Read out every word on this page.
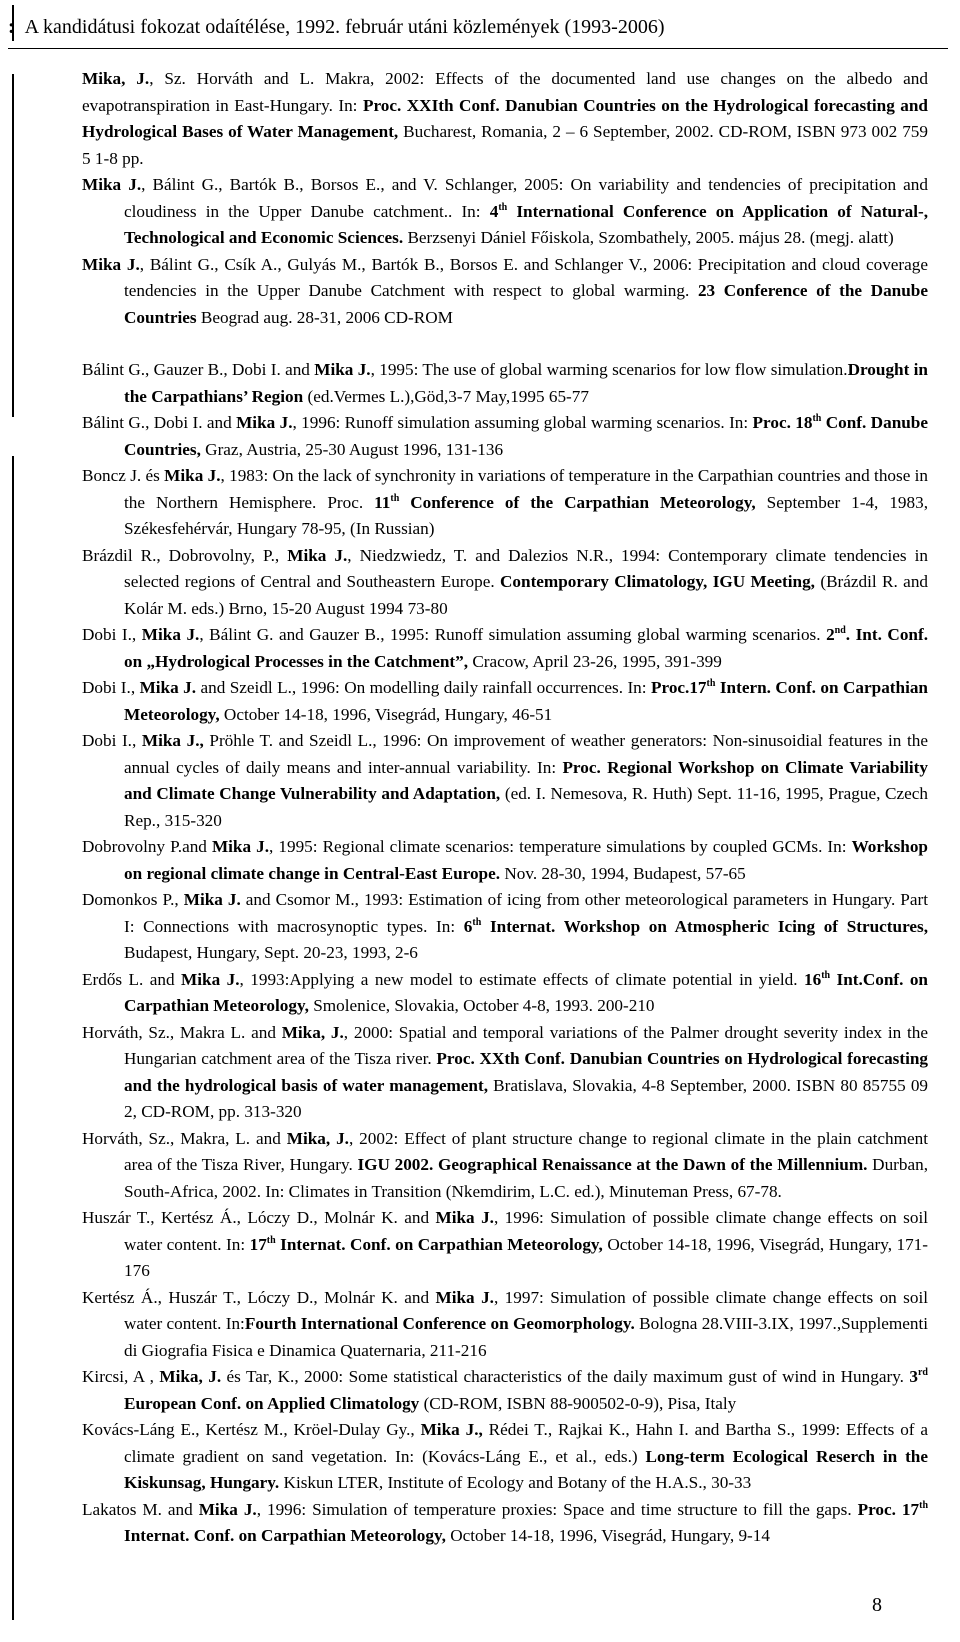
: A kandidátusi fokozat odaítélése, 1992. február utáni közlemények (1993-2006)

Mika, J., Sz. Horváth and L. Makra, 2002: Effects of the documented land use changes on the albedo and evapotranspiration in East-Hungary. In: Proc. XXIth Conf. Danubian Countries on the Hydrological forecasting and Hydrological Bases of Water Management, Bucharest, Romania, 2 – 6 September, 2002. CD-ROM, ISBN 973 002 759 5 1-8 pp.

Mika J., Bálint G., Bartók B., Borsos E., and V. Schlanger, 2005: On variability and tendencies of precipitation and cloudiness in the Upper Danube catchment.. In: 4th International Conference on Application of Natural-, Technological and Economic Sciences. Berzsenyi Dániel Főiskola, Szombathely, 2005. május 28. (megj. alatt)

Mika J., Bálint G., Csík A., Gulyás M., Bartók B., Borsos E. and Schlanger V., 2006: Precipitation and cloud coverage tendencies in the Upper Danube Catchment with respect to global warming. 23 Conference of the Danube Countries Beograd aug. 28-31, 2006 CD-ROM

Bálint G., Gauzer B., Dobi I. and Mika J., 1995: The use of global warming scenarios for low flow simulation.Drought in the Carpathians’ Region (ed.Vermes L.),Göd,3-7 May,1995 65-77

Bálint G., Dobi I. and Mika J., 1996: Runoff simulation assuming global warming scenarios. In: Proc. 18th Conf. Danube Countries, Graz, Austria, 25-30 August 1996, 131-136

Boncz J. és Mika J., 1983: On the lack of synchronity in variations of temperature in the Carpathian countries and those in the Northern Hemisphere. Proc. 11th Conference of the Carpathian Meteorology, September 1-4, 1983, Székesfehérvár, Hungary 78-95, (In Russian)

Brázdil R., Dobrovolny, P., Mika J., Niedzwiedz, T. and Dalezios N.R., 1994: Contemporary climate tendencies in selected regions of Central and Southeastern Europe. Contemporary Climatology, IGU Meeting, (Brázdil R. and Kolár M. eds.) Brno, 15-20 August 1994 73-80

Dobi I., Mika J., Bálint G. and Gauzer B., 1995: Runoff simulation assuming global warming scenarios. 2nd. Int. Conf. on „Hydrological Processes in the Catchment”, Cracow, April 23-26, 1995, 391-399

Dobi I., Mika J. and Szeidl L., 1996: On modelling daily rainfall occurrences. In: Proc.17th Intern. Conf. on Carpathian Meteorology, October 14-18, 1996, Visegrád, Hungary, 46-51

Dobi I., Mika J., Pröhle T. and Szeidl L., 1996: On improvement of weather generators: Non-sinusoidial features in the annual cycles of daily means and inter-annual variability. In: Proc. Regional Workshop on Climate Variability and Climate Change Vulnerability and Adaptation, (ed. I. Nemesova, R. Huth) Sept. 11-16, 1995, Prague, Czech Rep., 315-320

Dobrovolny P.and Mika J., 1995: Regional climate scenarios: temperature simulations by coupled GCMs. In: Workshop on regional climate change in Central-East Europe. Nov. 28-30, 1994, Budapest, 57-65

Domonkos P., Mika J. and Csomor M., 1993: Estimation of icing from other meteorological parameters in Hungary. Part I: Connections with macrosynoptic types. In: 6th Internat. Workshop on Atmospheric Icing of Structures, Budapest, Hungary, Sept. 20-23, 1993, 2-6

Erdős L. and Mika J., 1993:Applying a new model to estimate effects of climate potential in yield. 16th Int.Conf. on Carpathian Meteorology, Smolenice, Slovakia, October 4-8, 1993. 200-210

Horváth, Sz., Makra L. and Mika, J., 2000: Spatial and temporal variations of the Palmer drought severity index in the Hungarian catchment area of the Tisza river. Proc. XXth Conf. Danubian Countries on Hydrological forecasting and the hydrological basis of water management, Bratislava, Slovakia, 4-8 September, 2000. ISBN 80 85755 09 2, CD-ROM, pp. 313-320

Horváth, Sz., Makra, L. and Mika, J., 2002: Effect of plant structure change to regional climate in the plain catchment area of the Tisza River, Hungary. IGU 2002. Geographical Renaissance at the Dawn of the Millennium. Durban, South-Africa, 2002. In: Climates in Transition (Nkemdirim, L.C. ed.), Minuteman Press, 67-78.

Huszár T., Kertész Á., Lóczy D., Molnár K. and Mika J., 1996: Simulation of possible climate change effects on soil water content. In: 17th Internat. Conf. on Carpathian Meteorology, October 14-18, 1996, Visegrád, Hungary, 171-176

Kertész Á., Huszár T., Lóczy D., Molnár K. and Mika J., 1997: Simulation of possible climate change effects on soil water content. In:Fourth International Conference on Geomorphology. Bologna 28.VIII-3.IX, 1997.,Supplementi di Giografia Fisica e Dinamica Quaternaria, 211-216

Kircsi, A , Mika, J. és Tar, K., 2000: Some statistical characteristics of the daily maximum gust of wind in Hungary. 3rd European Conf. on Applied Climatology (CD-ROM, ISBN 88-900502-0-9), Pisa, Italy

Kovács-Láng E., Kertész M., Kröel-Dulay Gy., Mika J., Rédei T., Rajkai K., Hahn I. and Bartha S., 1999: Effects of a climate gradient on sand vegetation. In: (Kovács-Láng E., et al., eds.) Long-term Ecological Reserch in the Kiskunsag, Hungary. Kiskun LTER, Institute of Ecology and Botany of the H.A.S., 30-33

Lakatos M. and Mika J., 1996: Simulation of temperature proxies: Space and time structure to fill the gaps. Proc. 17th Internat. Conf. on Carpathian Meteorology, October 14-18, 1996, Visegrád, Hungary, 9-14

8
